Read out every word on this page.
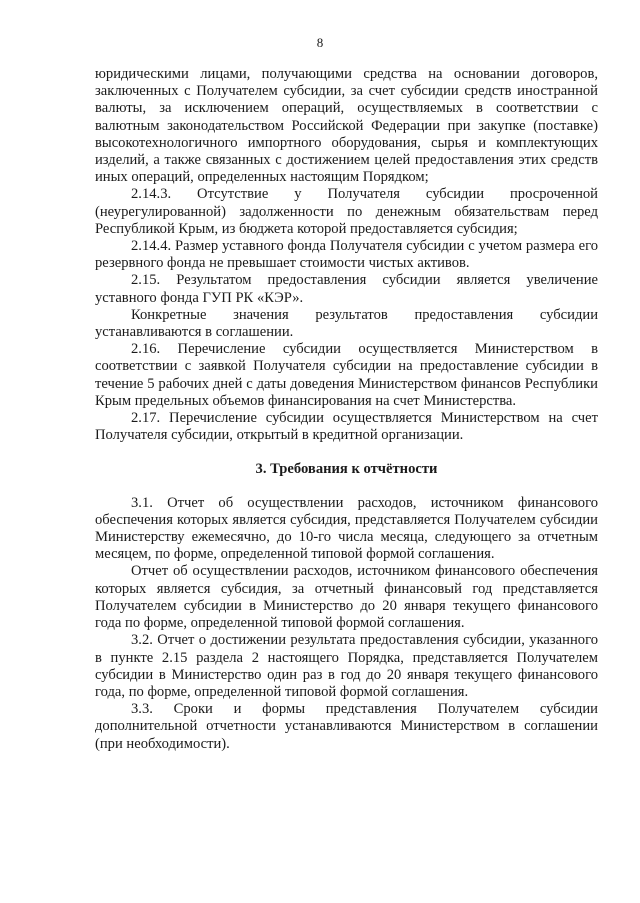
8

юридическими лицами, получающими средства на основании договоров, заключенных с Получателем субсидии, за счет субсидии средств иностранной валюты, за исключением операций, осуществляемых в соответствии с валютным законодательством Российской Федерации при закупке (поставке) высокотехнологичного импортного оборудования, сырья и комплектующих изделий, а также связанных с достижением целей предоставления этих средств иных операций, определенных настоящим Порядком;

2.14.3. Отсутствие у Получателя субсидии просроченной (неурегулированной) задолженности по денежным обязательствам перед Республикой Крым, из бюджета которой предоставляется субсидия;

2.14.4. Размер уставного фонда Получателя субсидии с учетом размера его резервного фонда не превышает стоимости чистых активов.

2.15. Результатом предоставления субсидии является увеличение уставного фонда ГУП РК «КЭР».

Конкретные значения результатов предоставления субсидии устанавливаются в соглашении.

2.16. Перечисление субсидии осуществляется Министерством в соответствии с заявкой Получателя субсидии на предоставление субсидии в течение 5 рабочих дней с даты доведения Министерством финансов Республики Крым предельных объемов финансирования на счет Министерства.

2.17. Перечисление субсидии осуществляется Министерством на счет Получателя субсидии, открытый в кредитной организации.

3. Требования к отчётности

3.1. Отчет об осуществлении расходов, источником финансового обеспечения которых является субсидия, представляется Получателем субсидии Министерству ежемесячно, до 10-го числа месяца, следующего за отчетным месяцем, по форме, определенной типовой формой соглашения.

Отчет об осуществлении расходов, источником финансового обеспечения которых является субсидия, за отчетный финансовый год представляется Получателем субсидии в Министерство до 20 января текущего финансового года по форме, определенной типовой формой соглашения.

3.2. Отчет о достижении результата предоставления субсидии, указанного в пункте 2.15 раздела 2 настоящего Порядка, представляется Получателем субсидии в Министерство один раз в год до 20 января текущего финансового года, по форме, определенной типовой формой соглашения.

3.3. Сроки и формы представления Получателем субсидии дополнительной отчетности устанавливаются Министерством в соглашении (при необходимости).
